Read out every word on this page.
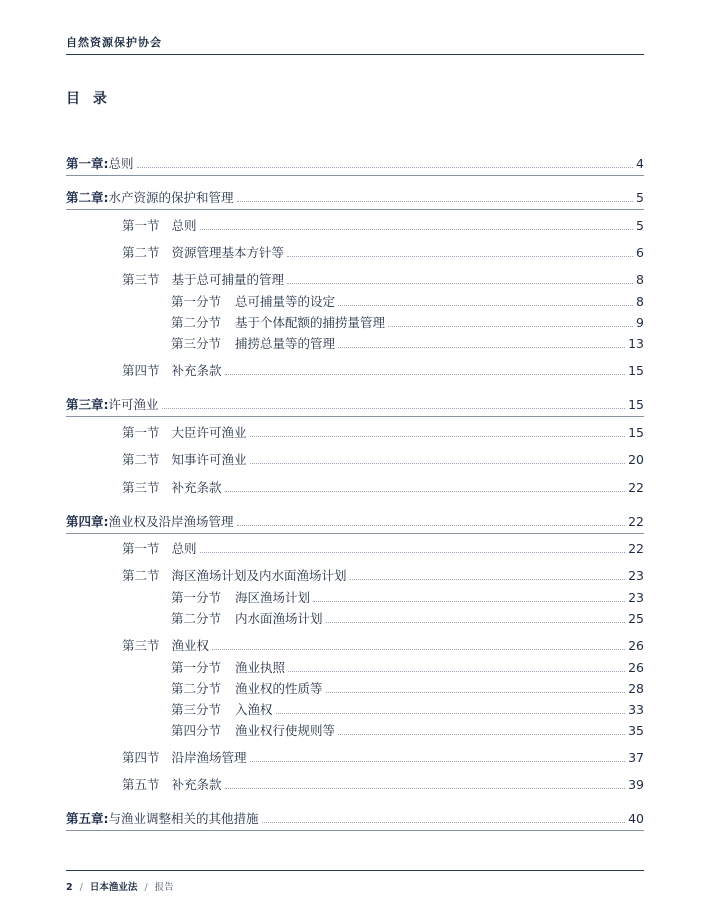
自然资源保护协会
目 录
第一章:总则	4
第二章:水产资源的保护和管理	5
第一节 总则	5
第二节 资源管理基本方针等	6
第三节 基于总可捕量的管理	8
第一分节 总可捕量等的设定	8
第二分节 基于个体配额的捕捞量管理	9
第三分节 捕捞总量等的管理	13
第四节 补充条款	15
第三章:许可渔业	15
第一节 大臣许可渔业	15
第二节 知事许可渔业	20
第三节 补充条款	22
第四章:渔业权及沿岸渔场管理	22
第一节 总则	22
第二节 海区渔场计划及内水面渔场计划	23
第一分节 海区渔场计划	23
第二分节 内水面渔场计划	25
第三节 渔业权	26
第一分节 渔业执照	26
第二分节 渔业权的性质等	28
第三分节 入渔权	33
第四分节 渔业权行使规则等	35
第四节 沿岸渔场管理	37
第五节 补充条款	39
第五章:与渔业调整相关的其他措施	40
2 / 日本渔业法 / 报告
